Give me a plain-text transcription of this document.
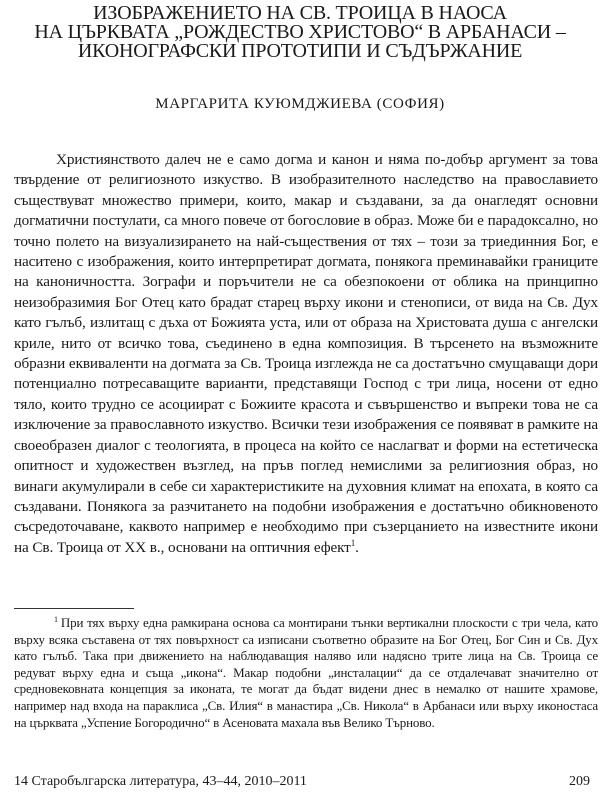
ИЗОБРАЖЕНИЕТО НА СВ. ТРОИЦА В НАОСА
НА ЦЪРКВАТА „РОЖДЕСТВО ХРИСТОВО“ В АРБАНАСИ –
ИКОНОГРАФСКИ ПРОТОТИПИ И СЪДЪРЖАНИЕ
МАРГАРИТА КУЮМДЖИЕВА (СОФИЯ)

Християнството далеч не е само догма и канон и няма по-добър аргумент за това твърдение от религиозното изкуство. В изобразителното наследство на православието съществуват множество примери, които, макар и създавани, за да онагледят основни догматични постулати, са много повече от богословие в образ. Може би е парадоксално, но точно полето на визуализирането на най-съществения от тях – този за триединния Бог, е наситено с изображения, които интерпретират догмата, понякога преминавайки границите на каноничността. Зографи и поръчители не са обезпокоени от облика на принципно неизобразимия Бог Отец като брадат старец върху икони и стенописи, от вида на Св. Дух като гълъб, излитащ с дъха от Божията уста, или от образа на Христовата душа с ангелски криле, нито от всичко това, съединено в една композиция. В търсенето на възможните образни еквиваленти на догмата за Св. Троица изглежда не са достатъчно смущаващи дори потенциално потресаващите варианти, представящи Господ с три лица, носени от едно тяло, които трудно се асоциират с Божиите красота и съвършенство и въпреки това не са изключение за православното изкуство. Всички тези изображения се появяват в рамките на своеобразен диалог с теологията, в процеса на който се наслагват и форми на естетическа опитност и художествен възглед, на пръв поглед немислими за религиозния образ, но винаги акумулирали в себе си характеристиките на духовния климат на епохата, в която са създавани. Понякога за разчитането на подобни изображения е достатъчно обикновеното съсредоточаване, каквото например е необходимо при съзерцанието на известните икони на Св. Троица от XX в., основани на оптичния ефект$^1$.

$^1$ При тях върху една рамкирана основа са монтирани тънки вертикални плоскости с три чела, като върху всяка съставена от тях повърхност са изписани съответно образите на Бог Отец, Бог Син и Св. Дух като гълъб. Така при движението на наблюдаващия наляво или надясно трите лица на Св. Троица се редуват върху една и съща „икона“. Макар подобни „инсталации“ да се отдалечават значително от средновековната концепция за иконата, те могат да бъдат видени днес в немалко от нашите храмове, например над входа на параклиса „Св. Илия“ в манастира „Св. Никола“ в Арбанаси или върху иконостаса на църквата „Успение Богородично“ в Асеновата махала във Велико Търново.

14 Старобългарска литература, 43–44, 2010–2011	209
